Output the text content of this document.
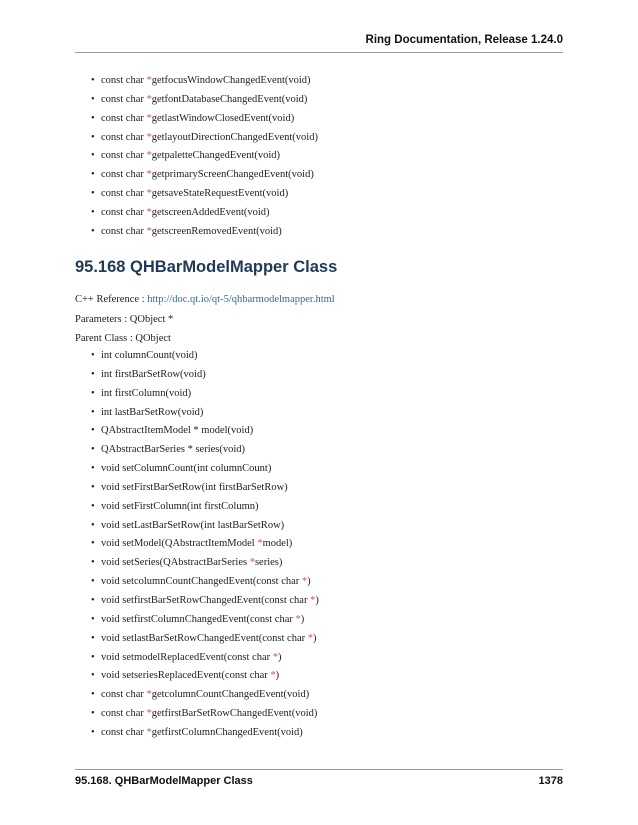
Ring Documentation, Release 1.24.0
• const char *getfocusWindowChangedEvent(void)
• const char *getfontDatabaseChangedEvent(void)
• const char *getlastWindowClosedEvent(void)
• const char *getlayoutDirectionChangedEvent(void)
• const char *getpaletteChangedEvent(void)
• const char *getprimaryScreenChangedEvent(void)
• const char *getsaveStateRequestEvent(void)
• const char *getscreenAddedEvent(void)
• const char *getscreenRemovedEvent(void)
95.168 QHBarModelMapper Class
C++ Reference : http://doc.qt.io/qt-5/qhbarmodelmapper.html
Parameters : QObject *
Parent Class : QObject
• int columnCount(void)
• int firstBarSetRow(void)
• int firstColumn(void)
• int lastBarSetRow(void)
• QAbstractItemModel * model(void)
• QAbstractBarSeries * series(void)
• void setColumnCount(int columnCount)
• void setFirstBarSetRow(int firstBarSetRow)
• void setFirstColumn(int firstColumn)
• void setLastBarSetRow(int lastBarSetRow)
• void setModel(QAbstractItemModel *model)
• void setSeries(QAbstractBarSeries *series)
• void setcolumnCountChangedEvent(const char *)
• void setfirstBarSetRowChangedEvent(const char *)
• void setfirstColumnChangedEvent(const char *)
• void setlastBarSetRowChangedEvent(const char *)
• void setmodelReplacedEvent(const char *)
• void setseriesReplacedEvent(const char *)
• const char *getcolumnCountChangedEvent(void)
• const char *getfirstBarSetRowChangedEvent(void)
• const char *getfirstColumnChangedEvent(void)
95.168. QHBarModelMapper Class	1378
